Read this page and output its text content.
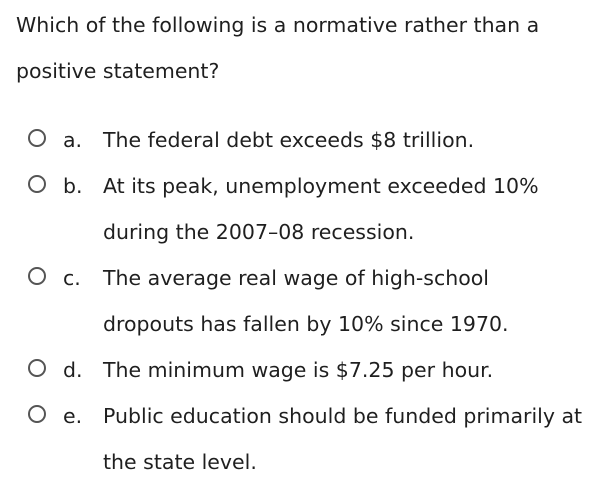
Which of the following is a normative rather than a positive statement?
a.	The federal debt exceeds $8 trillion.
b. At its peak, unemployment exceeded 10% during the 2007–08 recession.
c.	The average real wage of high-school dropouts has fallen by 10% since 1970.
d. The minimum wage is $7.25 per hour.
e.	Public education should be funded primarily at the state level.
